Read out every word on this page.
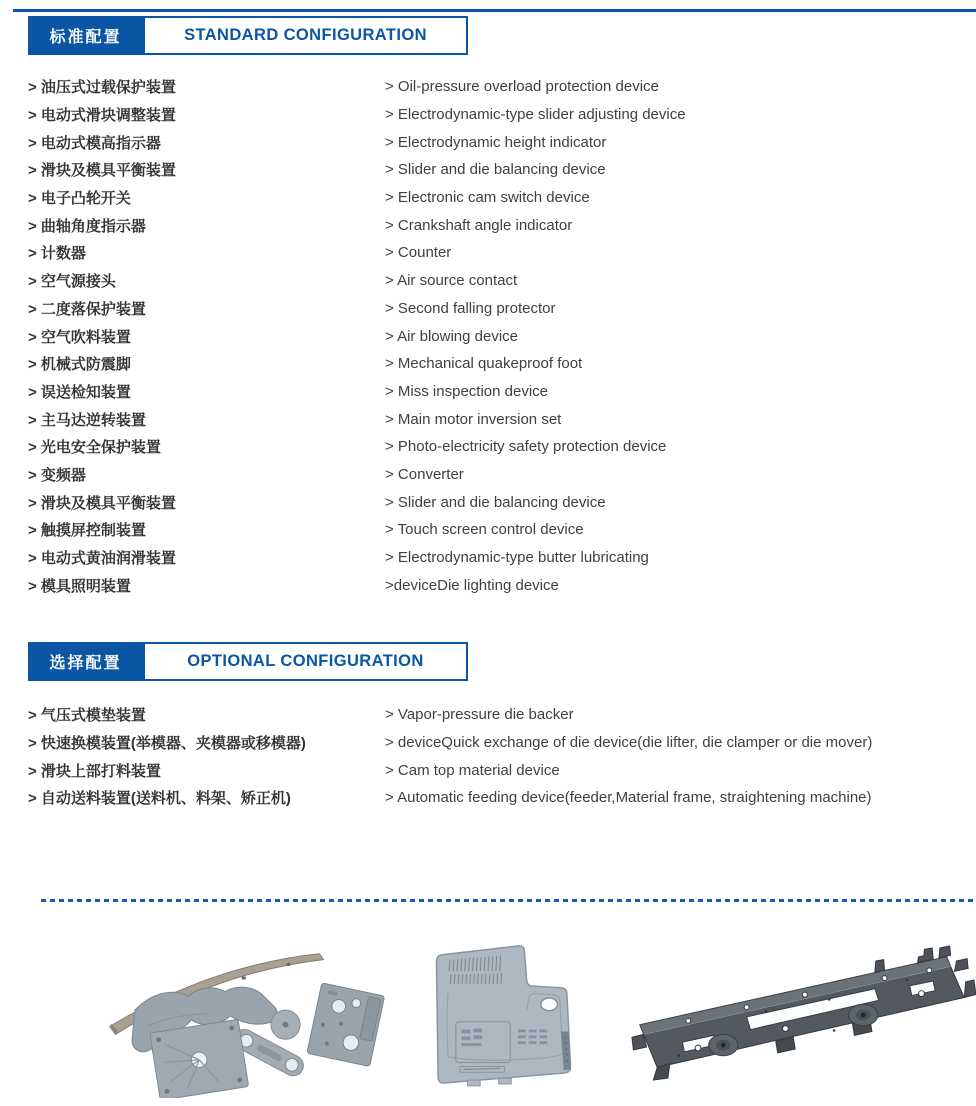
标准配置	STANDARD CONFIGURATION
> 油压式过载保护装置	> Oil-pressure overload protection device
> 电动式滑块调整装置	> Electrodynamic-type slider adjusting device
> 电动式模高指示器	> Electrodynamic height indicator
> 滑块及模具平衡装置	> Slider and die balancing device
> 电子凸轮开关	> Electronic cam switch device
> 曲轴角度指示器	> Crankshaft angle indicator
> 计数器	> Counter
> 空气源接头	> Air source contact
> 二度落保护装置	> Second falling protector
> 空气吹料装置	> Air blowing device
> 机械式防震脚	> Mechanical quakeproof foot
> 误送检知装置	> Miss inspection device
> 主马达逆转装置	> Main motor inversion set
> 光电安全保护装置	> Photo-electricity safety protection device
> 变频器	> Converter
> 滑块及模具平衡装置	> Slider and die balancing device
> 触摸屏控制装置	> Touch screen control device
> 电动式黄油润滑装置	> Electrodynamic-type butter lubricating
> 模具照明装置	>deviceDie lighting device
选择配置	OPTIONAL CONFIGURATION
> 气压式模垫装置	> Vapor-pressure die backer
> 快速换模装置(举模器、夹模器或移模器)	> deviceQuick exchange of die device(die lifter, die clamper or die mover)
> 滑块上部打料装置	> Cam top material device
> 自动送料装置(送料机、料架、矫正机)	> Automatic feeding device(feeder,Material frame, straightening machine)
